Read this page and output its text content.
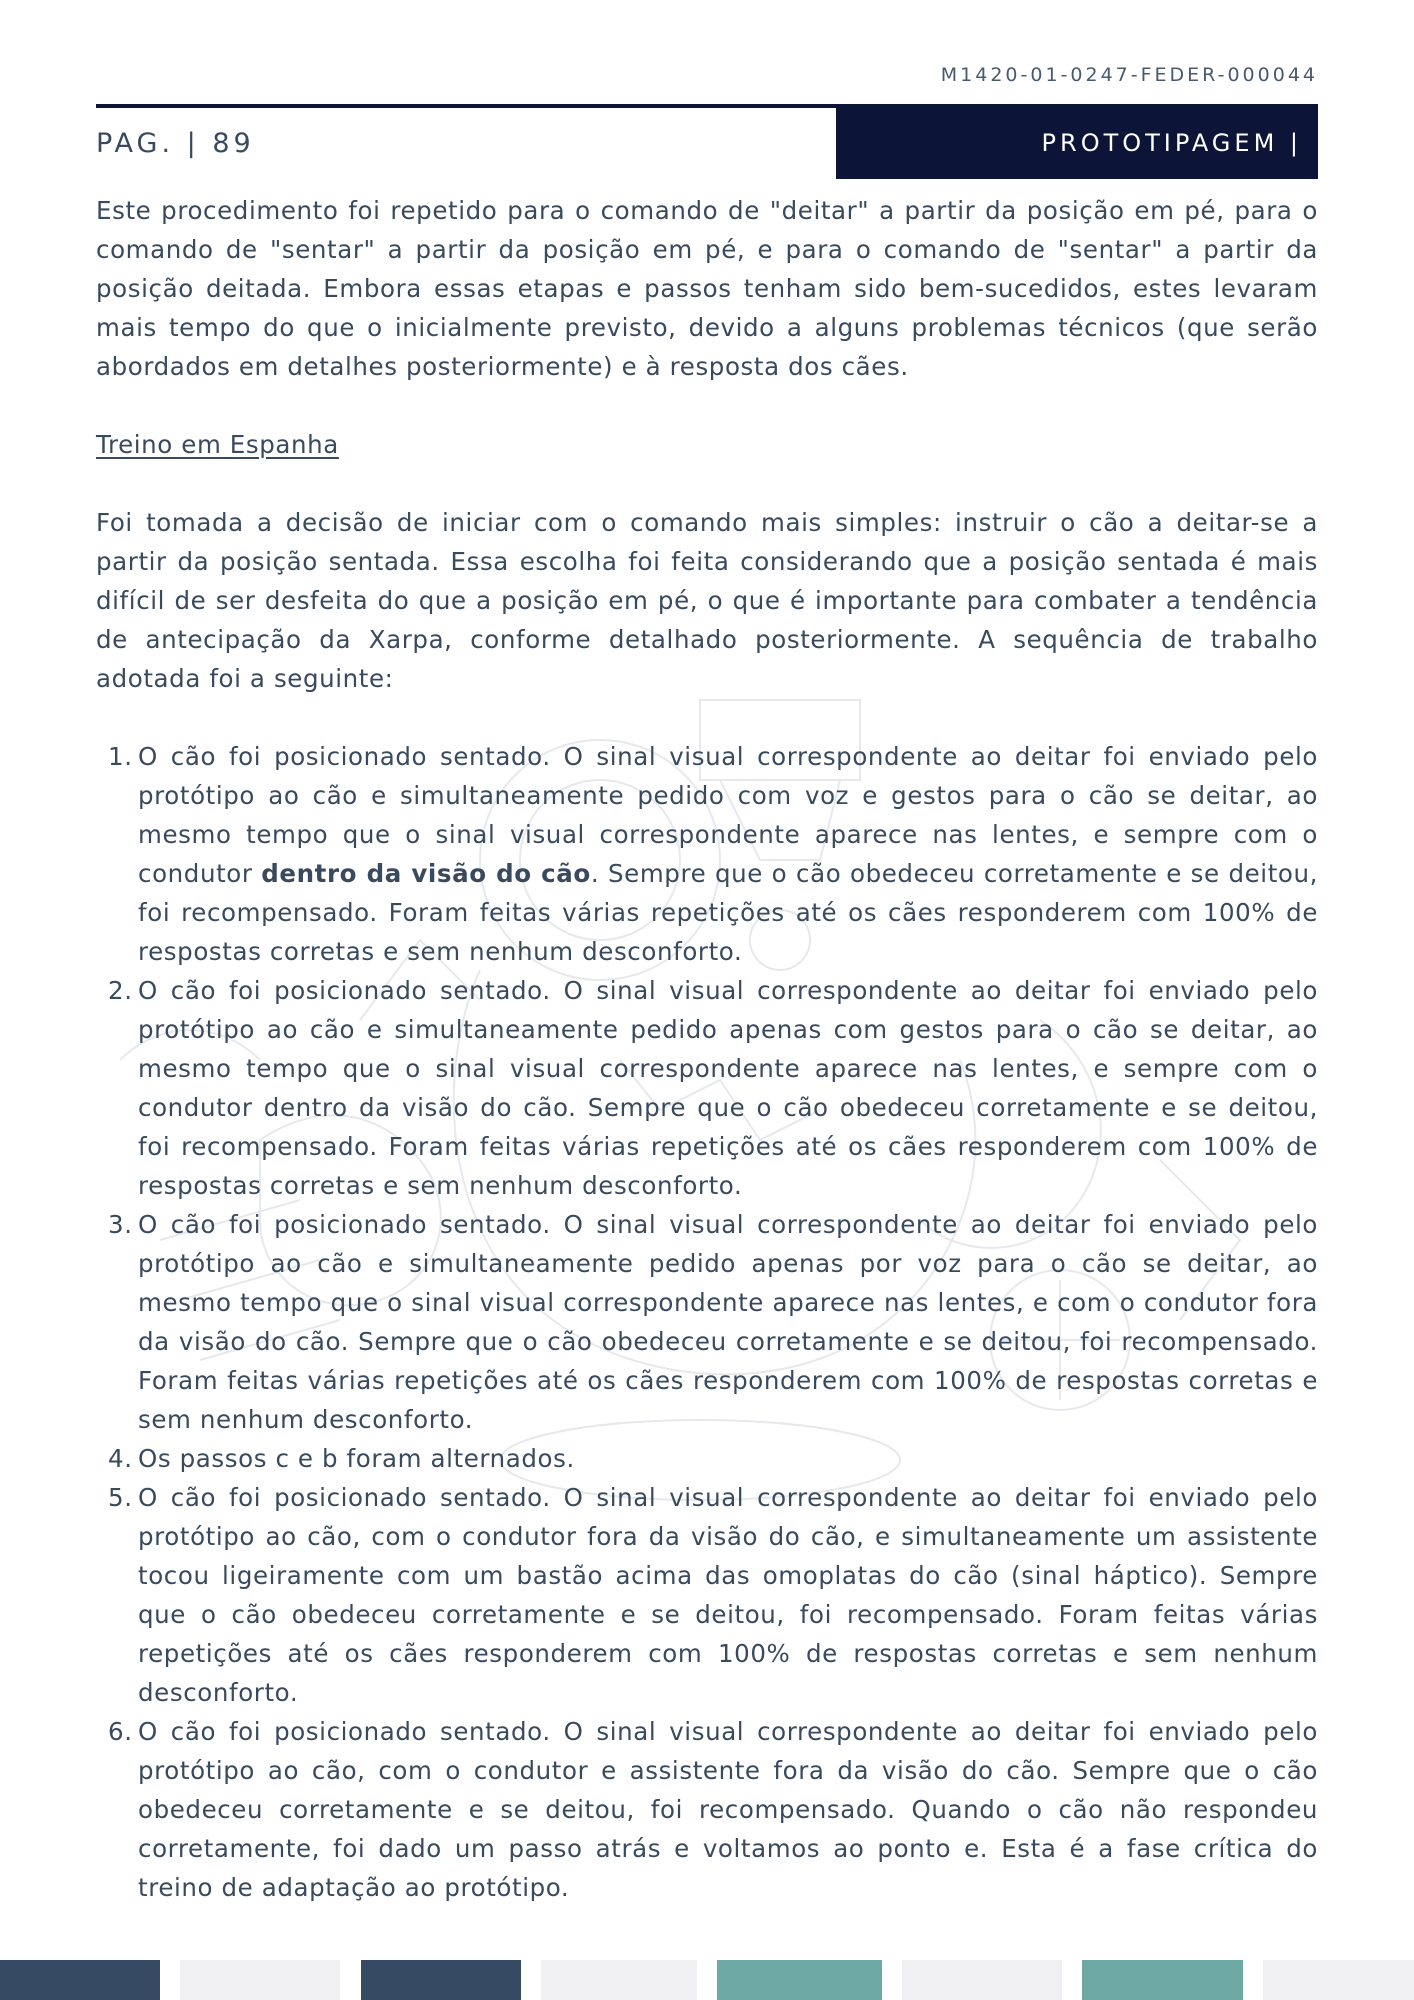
M1420-01-0247-FEDER-000044
PAG. | 89	PROTOTIPAGEM |

Este procedimento foi repetido para o comando de "deitar" a partir da posição em pé, para o comando de "sentar" a partir da posição em pé, e para o comando de "sentar" a partir da posição deitada. Embora essas etapas e passos tenham sido bem-sucedidos, estes levaram mais tempo do que o inicialmente previsto, devido a alguns problemas técnicos (que serão abordados em detalhes posteriormente) e à resposta dos cães.

Treino em Espanha

Foi tomada a decisão de iniciar com o comando mais simples: instruir o cão a deitar-se a partir da posição sentada. Essa escolha foi feita considerando que a posição sentada é mais difícil de ser desfeita do que a posição em pé, o que é importante para combater a tendência de antecipação da Xarpa, conforme detalhado posteriormente. A sequência de trabalho adotada foi a seguinte:

1. O cão foi posicionado sentado. O sinal visual correspondente ao deitar foi enviado pelo protótipo ao cão e simultaneamente pedido com voz e gestos para o cão se deitar, ao mesmo tempo que o sinal visual correspondente aparece nas lentes, e sempre com o condutor dentro da visão do cão. Sempre que o cão obedeceu corretamente e se deitou, foi recompensado. Foram feitas várias repetições até os cães responderem com 100% de respostas corretas e sem nenhum desconforto.
2. O cão foi posicionado sentado. O sinal visual correspondente ao deitar foi enviado pelo protótipo ao cão e simultaneamente pedido apenas com gestos para o cão se deitar, ao mesmo tempo que o sinal visual correspondente aparece nas lentes, e sempre com o condutor dentro da visão do cão. Sempre que o cão obedeceu corretamente e se deitou, foi recompensado. Foram feitas várias repetições até os cães responderem com 100% de respostas corretas e sem nenhum desconforto.
3. O cão foi posicionado sentado. O sinal visual correspondente ao deitar foi enviado pelo protótipo ao cão e simultaneamente pedido apenas por voz para o cão se deitar, ao mesmo tempo que o sinal visual correspondente aparece nas lentes, e com o condutor fora da visão do cão. Sempre que o cão obedeceu corretamente e se deitou, foi recompensado. Foram feitas várias repetições até os cães responderem com 100% de respostas corretas e sem nenhum desconforto.
4. Os passos c e b foram alternados.
5. O cão foi posicionado sentado. O sinal visual correspondente ao deitar foi enviado pelo protótipo ao cão, com o condutor fora da visão do cão, e simultaneamente um assistente tocou ligeiramente com um bastão acima das omoplatas do cão (sinal háptico). Sempre que o cão obedeceu corretamente e se deitou, foi recompensado. Foram feitas várias repetições até os cães responderem com 100% de respostas corretas e sem nenhum desconforto.
6. O cão foi posicionado sentado. O sinal visual correspondente ao deitar foi enviado pelo protótipo ao cão, com o condutor e assistente fora da visão do cão. Sempre que o cão obedeceu corretamente e se deitou, foi recompensado. Quando o cão não respondeu corretamente, foi dado um passo atrás e voltamos ao ponto e. Esta é a fase crítica do treino de adaptação ao protótipo.
